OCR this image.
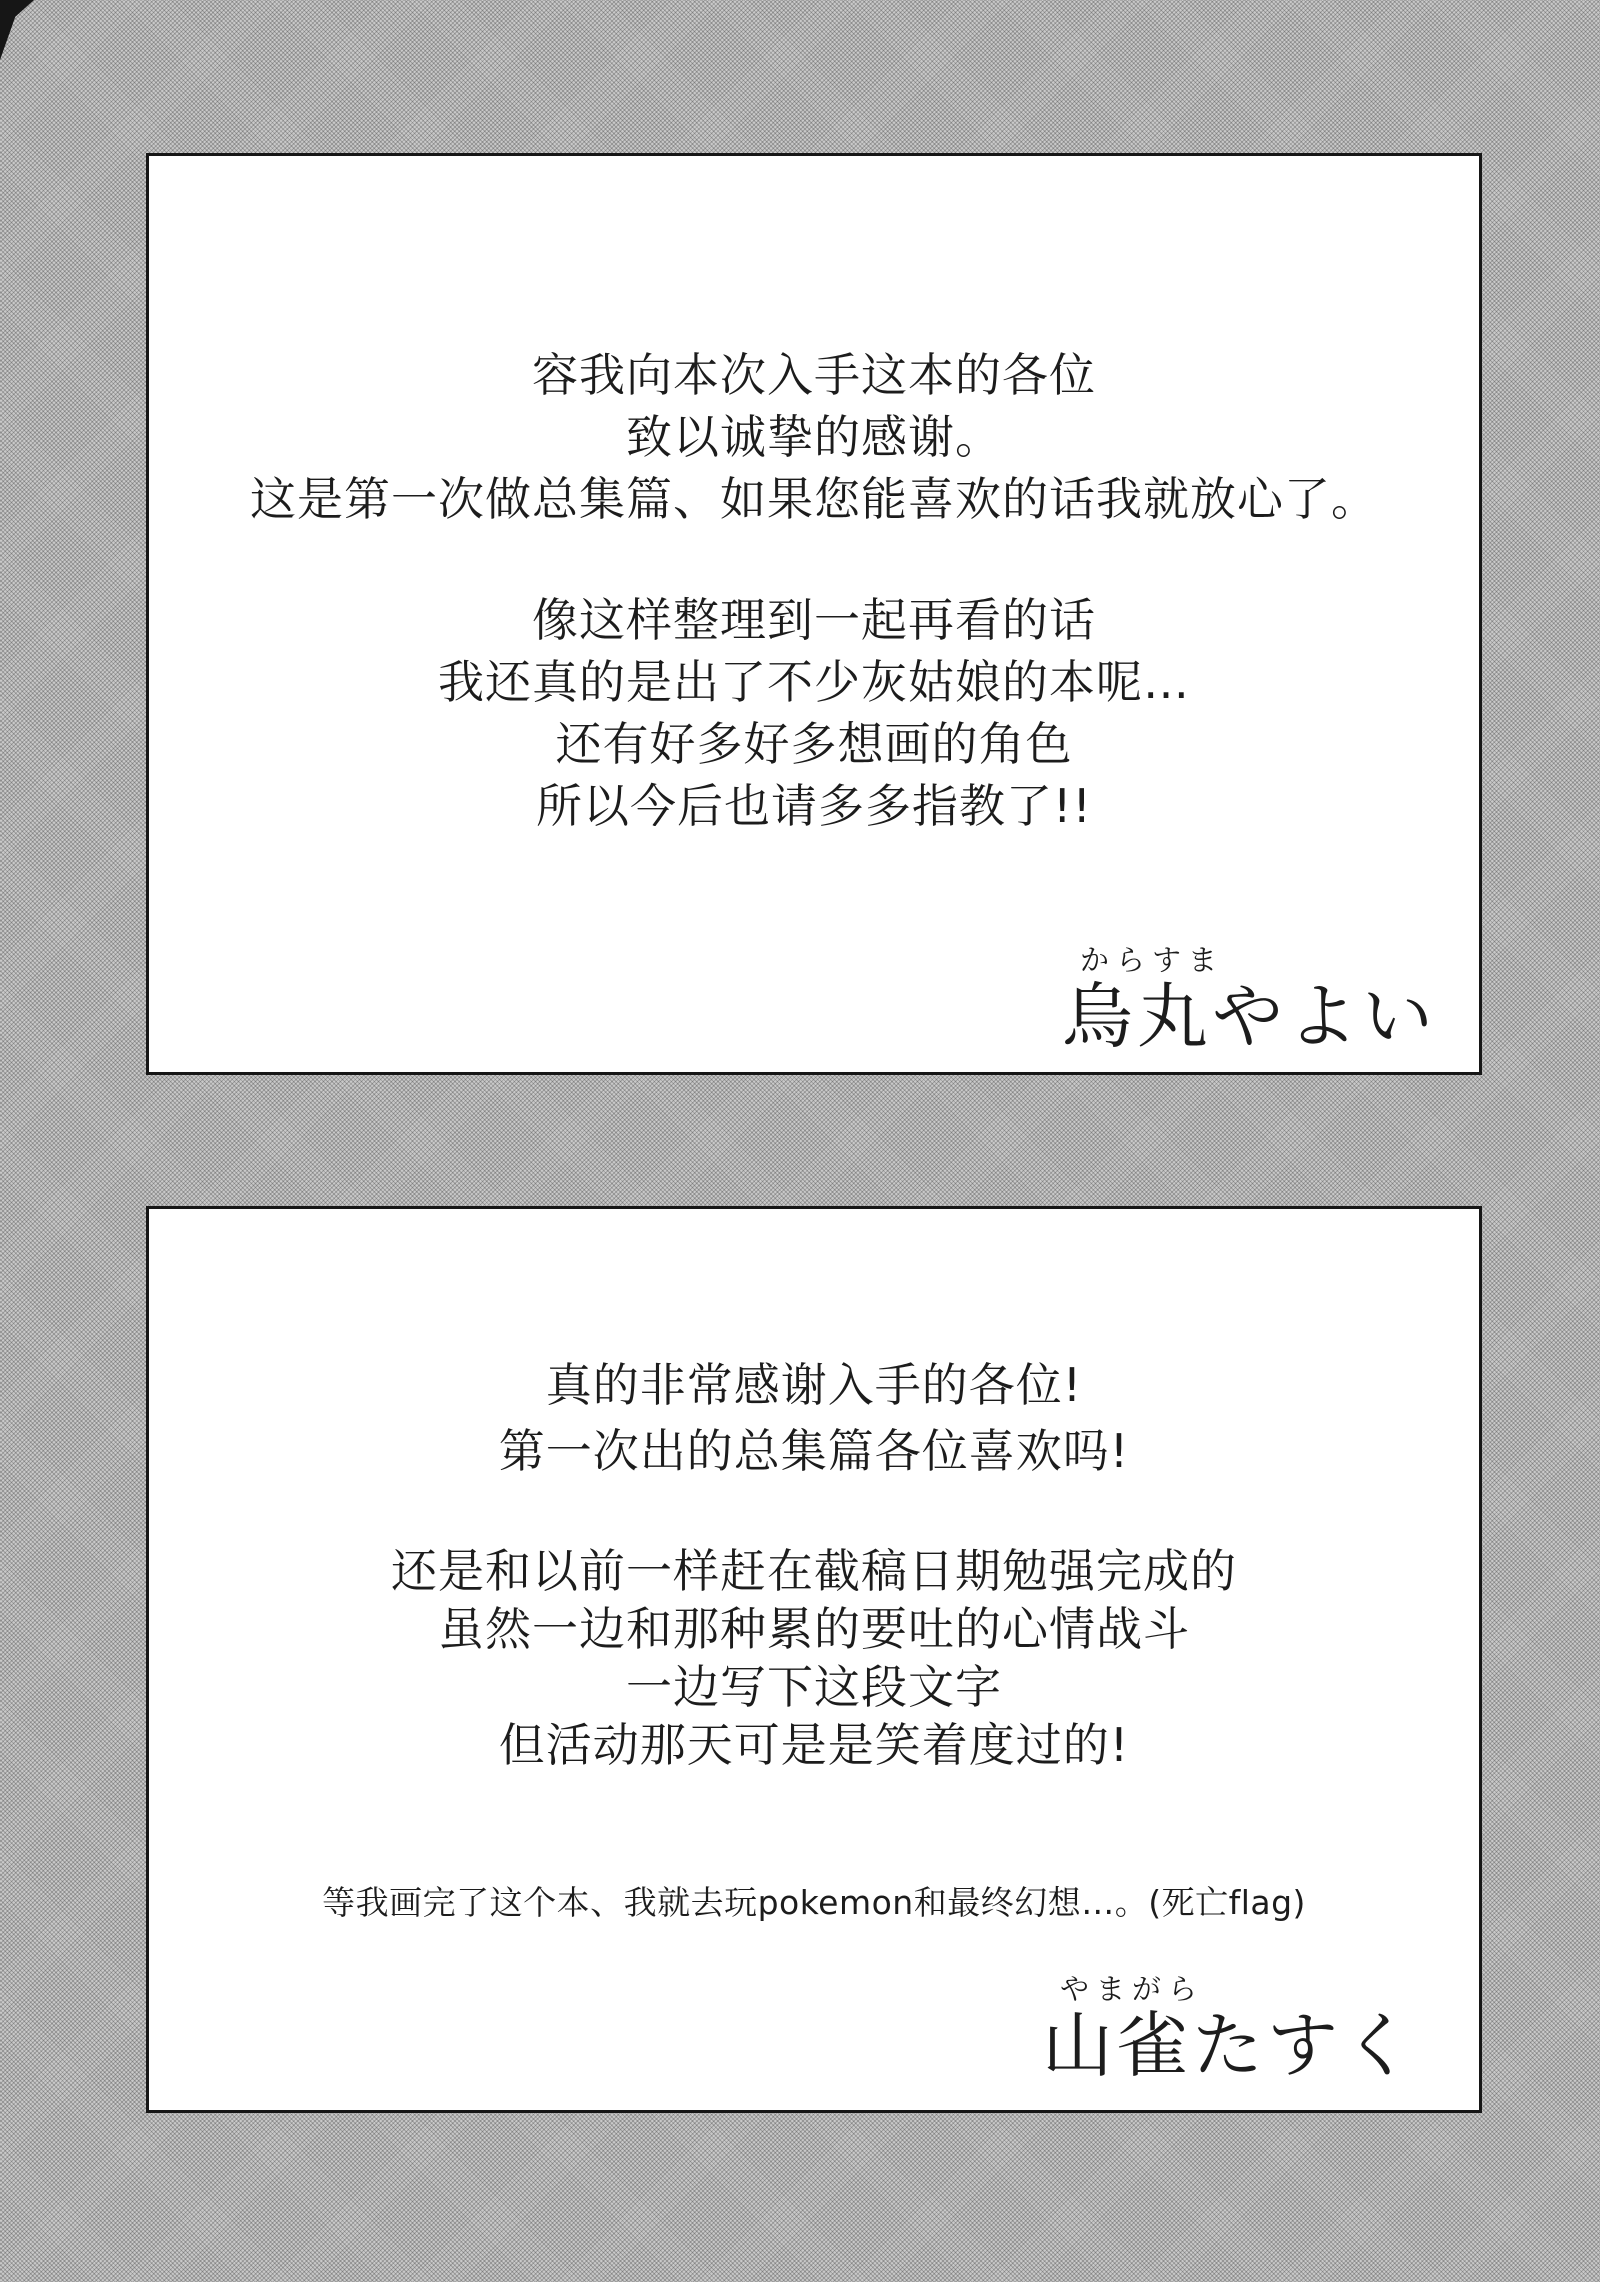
容我向本次入手这本的各位
致以诚挚的感谢。
这是第一次做总集篇、如果您能喜欢的话我就放心了。
像这样整理到一起再看的话
我还真的是出了不少灰姑娘的本呢…
还有好多好多想画的角色
所以今后也请多多指教了!!
からすま
烏丸やよい
真的非常感谢入手的各位!
第一次出的总集篇各位喜欢吗!
还是和以前一样赶在截稿日期勉强完成的
虽然一边和那种累的要吐的心情战斗
一边写下这段文字
但活动那天可是是笑着度过的!
等我画完了这个本、我就去玩pokemon和最终幻想…。(死亡flag)
やまがら
山雀たすく
